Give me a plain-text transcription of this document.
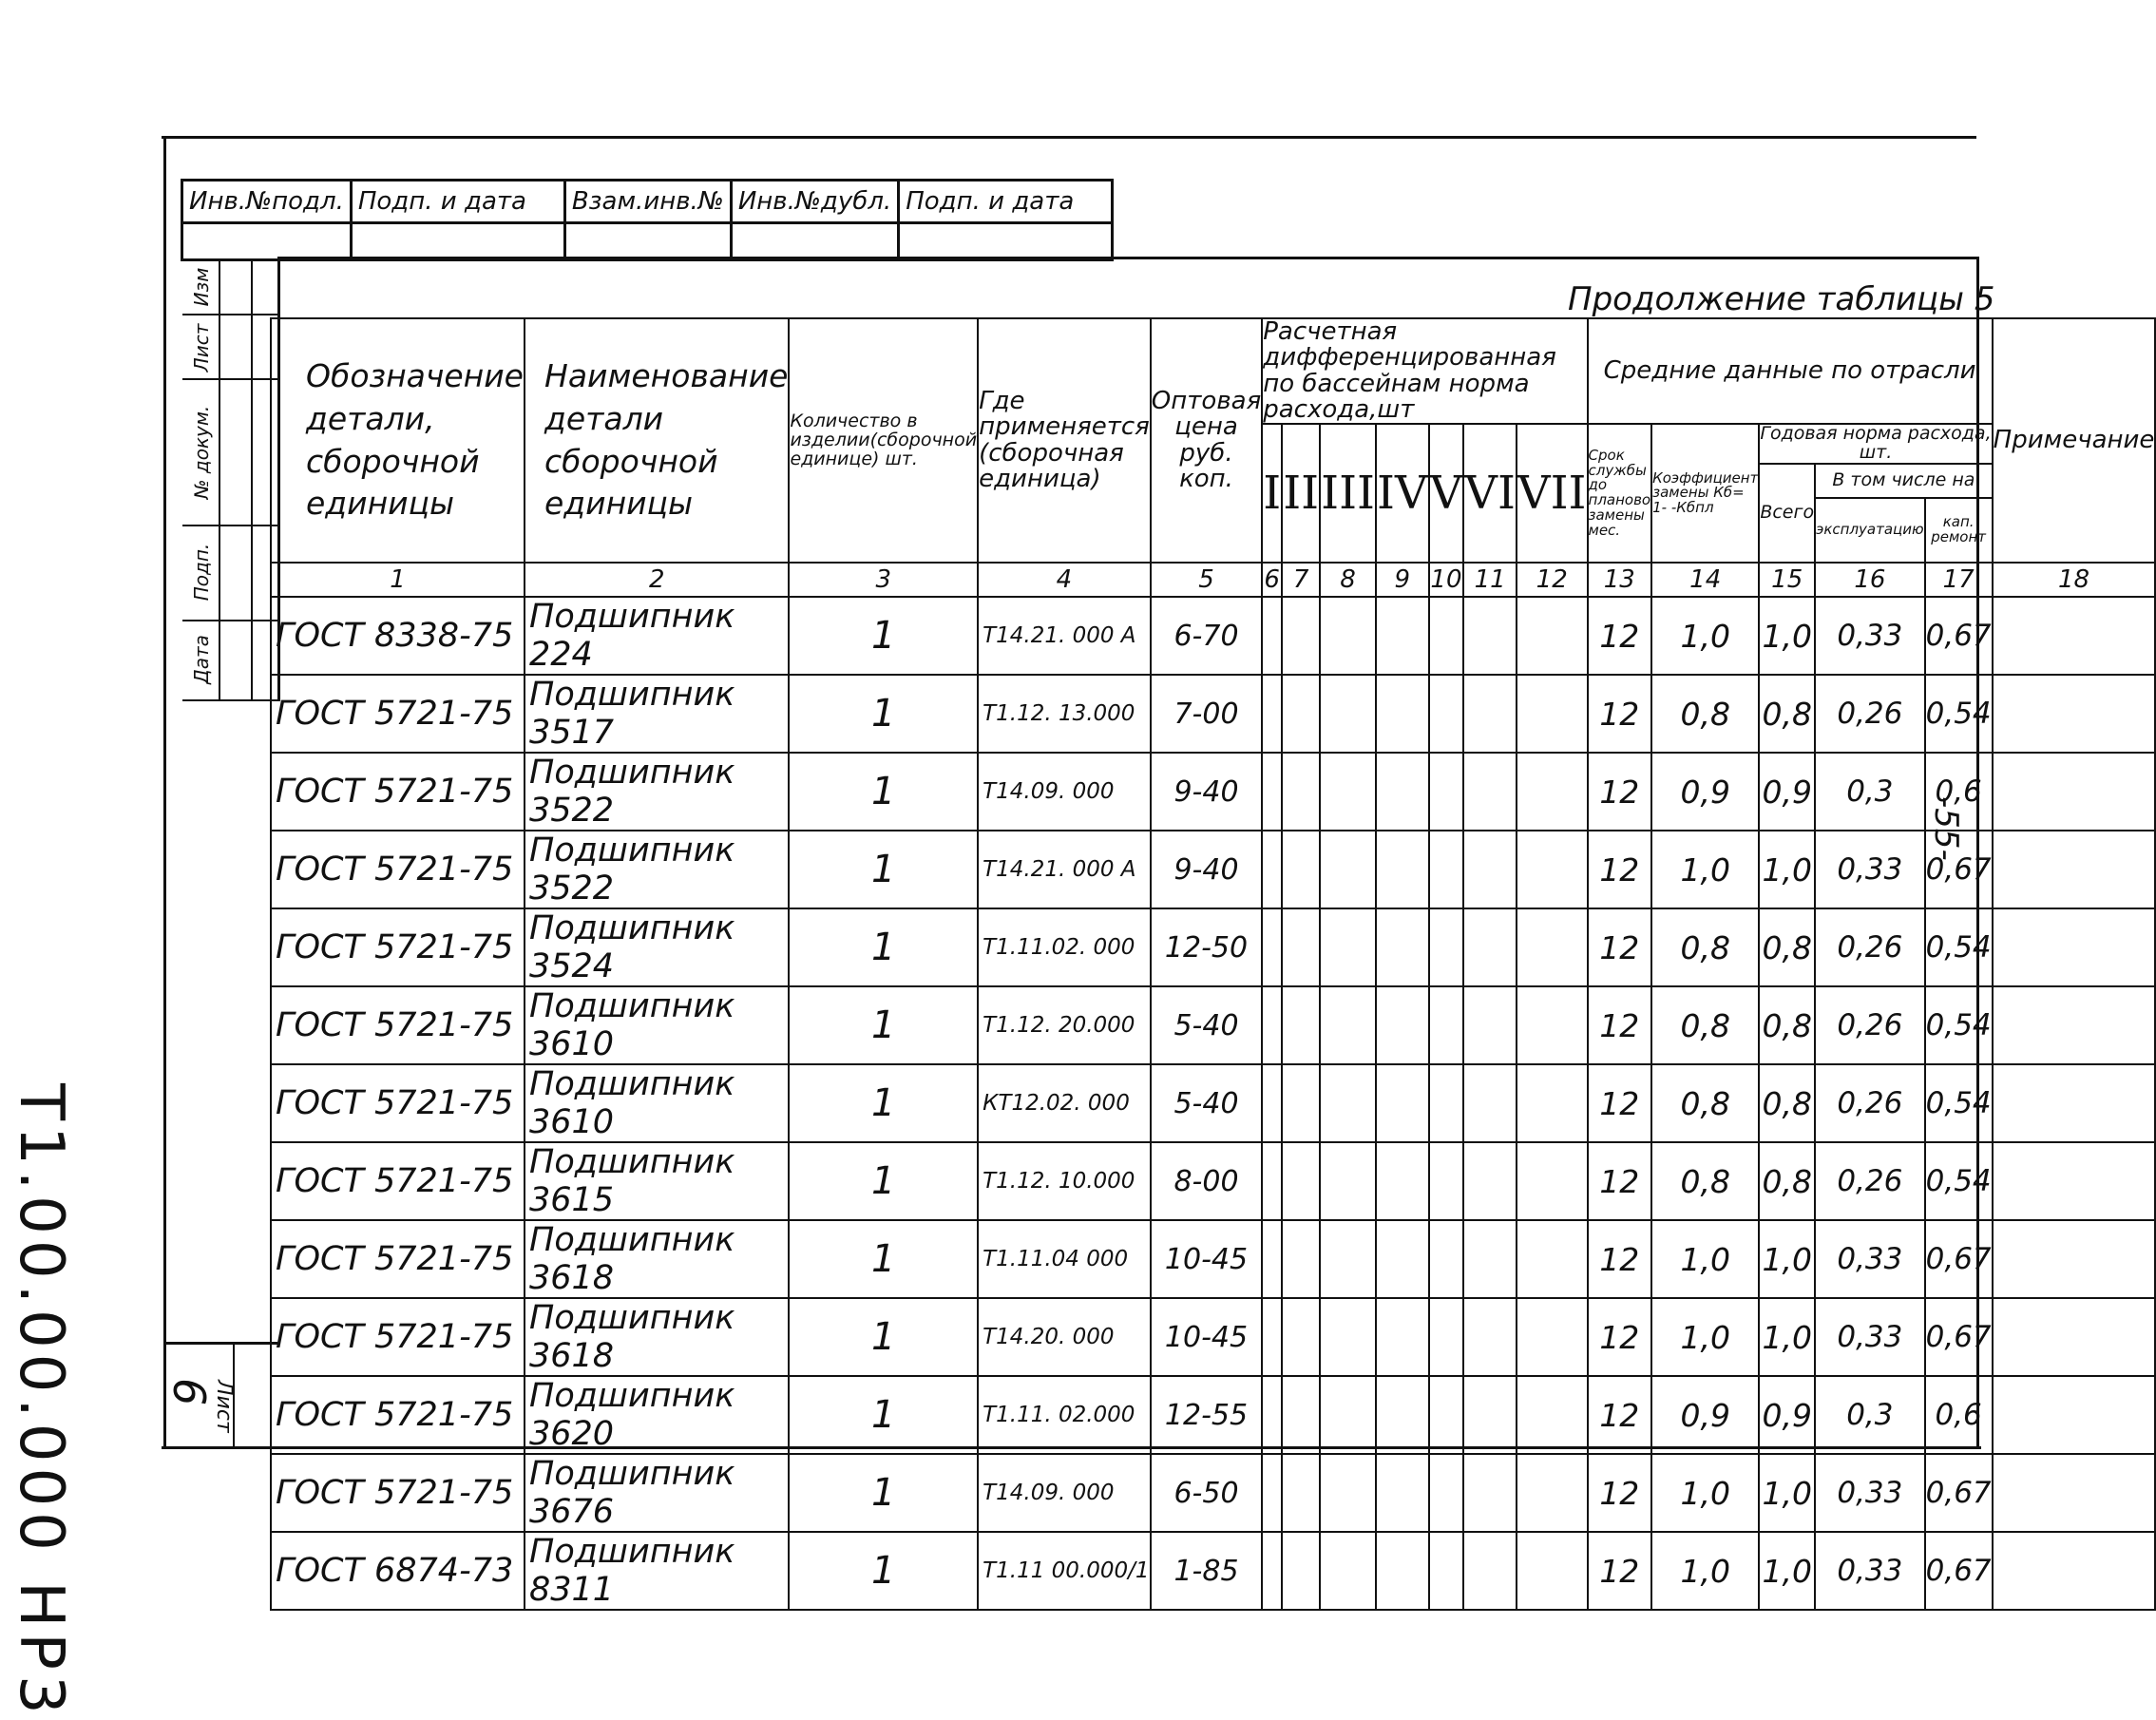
Инв.№подл.	Подп. и дата	Взам.инв.№	Инв.№дубл.	Подп. и дата

Изм
Лист
№ докум.
Подп.
Дата
Т1.00.00.000 НР3	Лист
6
-55-
Продолжение таблицы 5
Обозначение детали, сборочной единицы	Наименование детали сборочной единицы	Количество в изделии(сборочной единице) шт.	Где применяется (сборочная единица)	Оптовая цена руб. коп.	Расчетная дифференцированная по бассейнам норма расхода,шт							Средние данные по отрасли					Примечание
					I	II	III	IV	V	VI	VII	Срок службы до планово замены мес.	Коэффициент замены Кб= 1- -Кбпл	Годовая норма расхода, шт.			
														Всего	В том числе на		
															эксплуатацию	кап. ремонт	
1	2	3	4	5	6	7	8	9	10	11	12	13	14	15	16	17	18
ГОСТ 8338-75	Подшипник 224	1	Т14.21. 000 А	6-70								12	1,0	1,0	0,33	0,67	
ГОСТ 5721-75	Подшипник 3517	1	Т1.12. 13.000	7-00								12	0,8	0,8	0,26	0,54	
ГОСТ 5721-75	Подшипник 3522	1	Т14.09. 000	9-40								12	0,9	0,9	0,3	0,6	
ГОСТ 5721-75	Подшипник 3522	1	Т14.21. 000 А	9-40								12	1,0	1,0	0,33	0,67	
ГОСТ 5721-75	Подшипник 3524	1	Т1.11.02. 000	12-50								12	0,8	0,8	0,26	0,54	
ГОСТ 5721-75	Подшипник 3610	1	Т1.12. 20.000	5-40								12	0,8	0,8	0,26	0,54	
ГОСТ 5721-75	Подшипник 3610	1	КТ12.02. 000	5-40								12	0,8	0,8	0,26	0,54	
ГОСТ 5721-75	Подшипник 3615	1	Т1.12. 10.000	8-00								12	0,8	0,8	0,26	0,54	
ГОСТ 5721-75	Подшипник 3618	1	Т1.11.04 000	10-45								12	1,0	1,0	0,33	0,67	
ГОСТ 5721-75	Подшипник 3618	1	Т14.20. 000	10-45								12	1,0	1,0	0,33	0,67	
ГОСТ 5721-75	Подшипник 3620	1	Т1.11. 02.000	12-55								12	0,9	0,9	0,3	0,6	
ГОСТ 5721-75	Подшипник 3676	1	Т14.09. 000	6-50								12	1,0	1,0	0,33	0,67	
ГОСТ 6874-73	Подшипник 8311	1	Т1.11 00.000/1	1-85								12	1,0	1,0	0,33	0,67	
